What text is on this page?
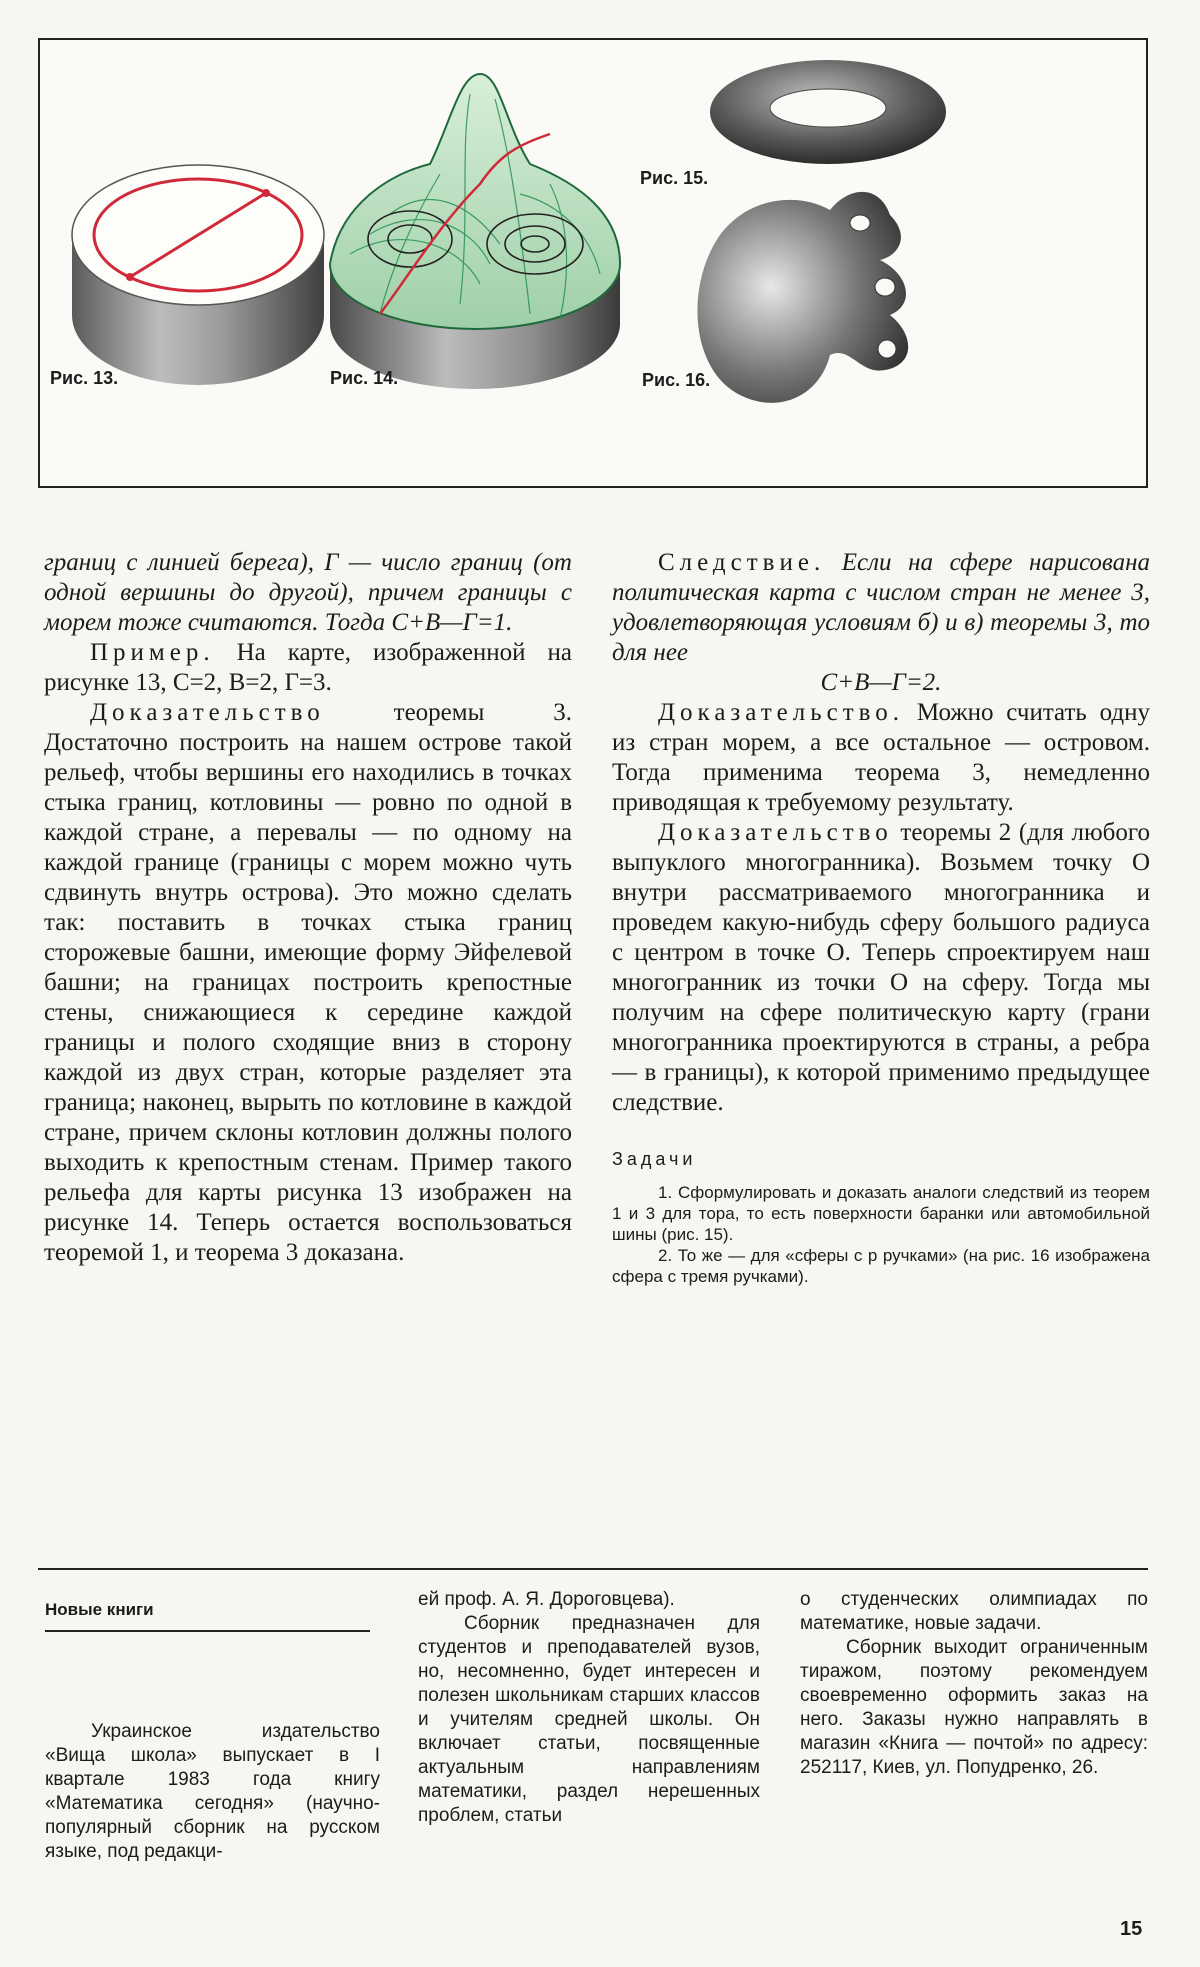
Рис. 13.	Рис. 14.
Рис. 15.
Рис. 16.

границ с линией берега), Г — число границ (от одной вершины до другой), причем границы с морем тоже считаются. Тогда С+В—Г=1.

Пример. На карте, изображенной на рисунке 13, С=2, В=2, Г=3.

Доказательство	теоремы 3. Достаточно построить на нашем острове такой рельеф, чтобы вершины его находились в точках стыка границ, котловины — ровно по одной в каждой стране, а перевалы — по одному на каждой границе (границы с морем можно чуть сдвинуть внутрь острова). Это можно сделать так: поставить в точках стыка границ сторожевые башни, имеющие форму Эйфелевой башни; на границах построить крепостные стены, снижающиеся к середине каждой границы и полого сходящие вниз в сторону каждой из двух стран, которые разделяет эта граница; наконец, вырыть по котловине в каждой стране, причем склоны котловин должны полого выходить к крепостным стенам. Пример такого рельефа для карты рисунка 13 изображен на рисунке 14. Теперь остается воспользоваться теоремой 1, и теорема 3 доказана.

Следствие. Если на сфере нарисована политическая карта с числом стран не менее 3, удовлетворяющая условиям б) и в) теоремы 3, то для нее

С+В—Г=2.

Доказательство. Можно считать одну из стран морем, а все остальное — островом. Тогда применима теорема 3, немедленно приводящая к требуемому результату.

Доказательство теоремы 2 (для любого выпуклого многогранника). Возьмем точку О внутри рассматриваемого многогранника и проведем какую-нибудь сферу большого радиуса с центром в точке О. Теперь спроектируем наш многогранник из точки О на сферу. Тогда мы получим на сфере политическую карту (грани многогранника проектируются в страны, а ребра — в границы), к которой применимо предыдущее следствие.

Задачи

1. Сформулировать и доказать аналоги следствий из теорем 1 и 3 для тора, то есть поверхности баранки или автомобильной шины (рис. 15).

2. То же — для «сферы с p ручками» (на рис. 16 изображена сфера с тремя ручками).

Новые книги

Украинское издательство «Вища школа» выпускает в I квартале 1983 года книгу «Математика сегодня» (научно-популярный сборник на русском языке, под редакци-

ей проф. А. Я. Дороговцева).

Сборник предназначен для студентов и преподавателей вузов, но, несомненно, будет интересен и полезен школьникам старших классов и учителям средней школы. Он включает статьи, посвященные актуальным направлениям математики, раздел нерешенных проблем, статьи

о студенческих олимпиадах по математике, новые задачи.

Сборник выходит ограниченным тиражом, поэтому рекомендуем своевременно оформить заказ на него. Заказы нужно направлять в магазин «Книга — почтой» по адресу: 252117, Киев, ул. Попудренко, 26.

15
